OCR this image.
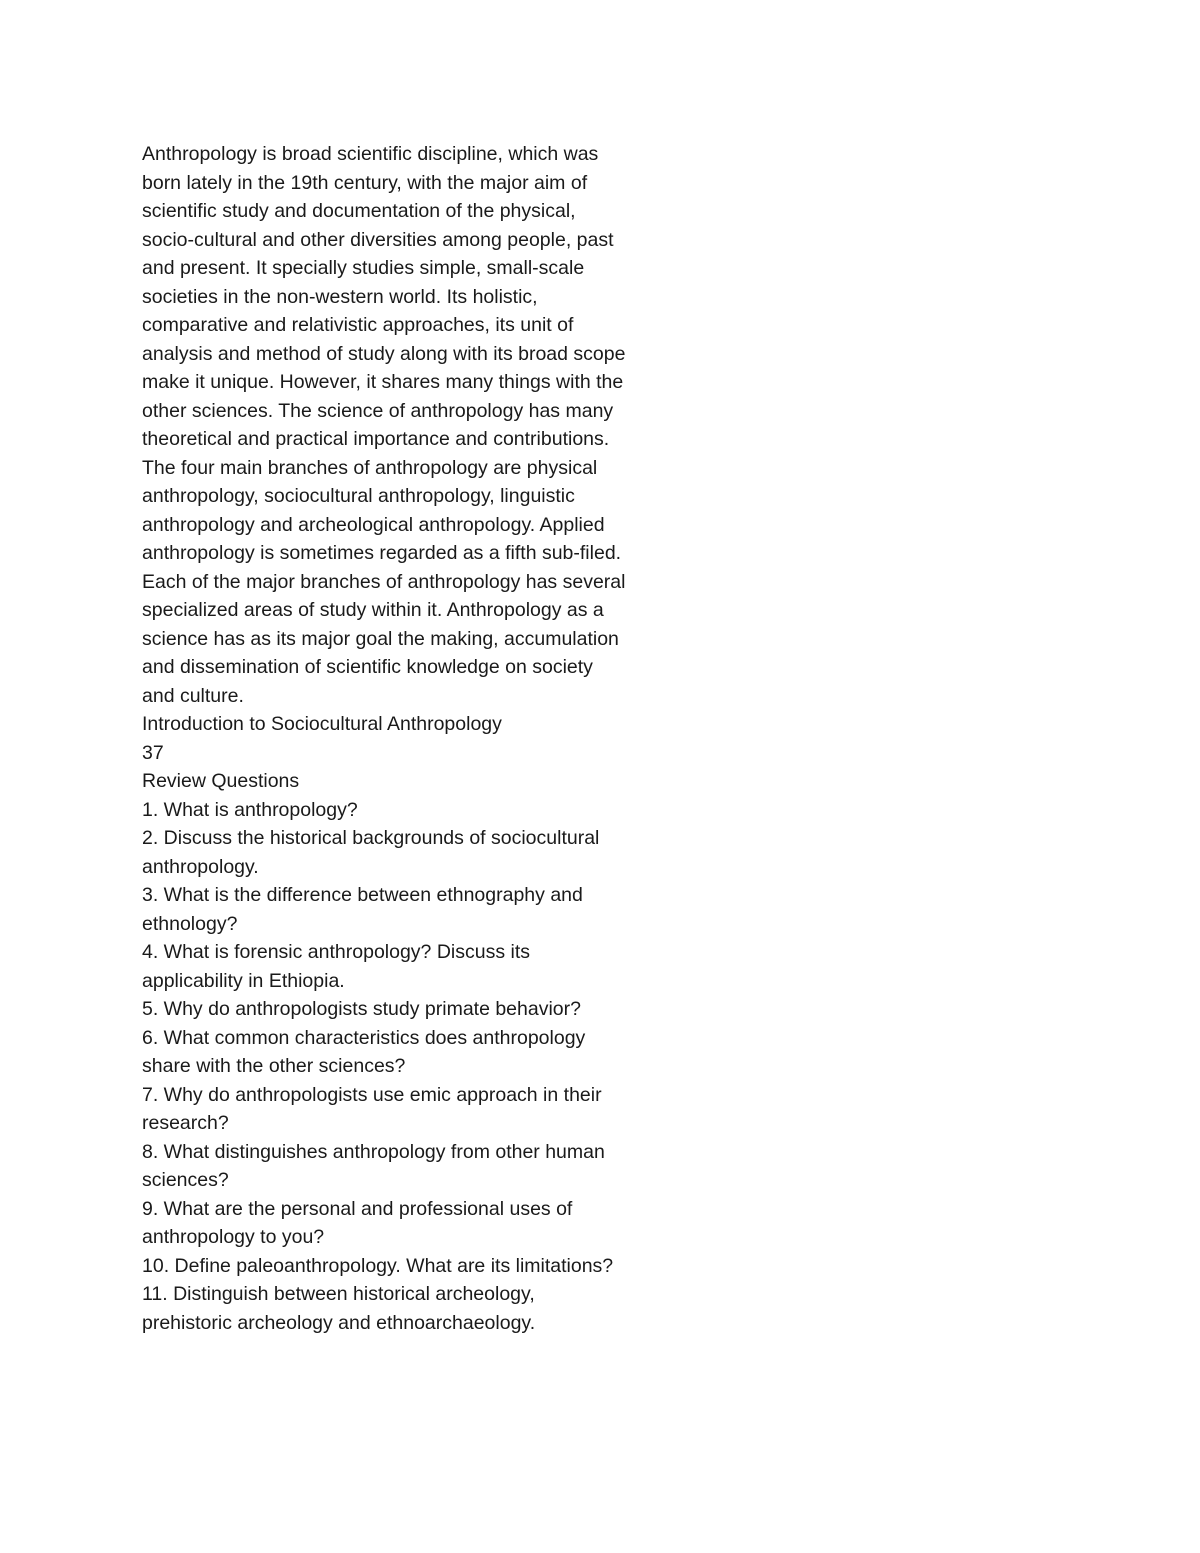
Anthropology is broad scientific discipline, which was
born lately in the 19th century, with the major aim of
scientific study and documentation of the physical,
socio-cultural and other diversities among people, past
and present. It specially studies simple, small-scale
societies in the non-western world. Its holistic,
comparative and relativistic approaches, its unit of
analysis and method of study along with its broad scope
make it unique. However, it shares many things with the
other sciences. The science of anthropology has many
theoretical and practical importance and contributions.
The four main branches of anthropology are physical
anthropology, sociocultural anthropology, linguistic
anthropology and archeological anthropology. Applied
anthropology is sometimes regarded as a fifth sub-filed.
Each of the major branches of anthropology has several
specialized areas of study within it. Anthropology as a
science has as its major goal the making, accumulation
and dissemination of scientific knowledge on society
and culture.
Introduction to Sociocultural Anthropology
37
Review Questions
1. What is anthropology?
2. Discuss the historical backgrounds of sociocultural
anthropology.
3. What is the difference between ethnography and
ethnology?
4. What is forensic anthropology? Discuss its
applicability in Ethiopia.
5. Why do anthropologists study primate behavior?
6. What common characteristics does anthropology
share with the other sciences?
7. Why do anthropologists use emic approach in their
research?
8. What distinguishes anthropology from other human
sciences?
9. What are the personal and professional uses of
anthropology to you?
10. Define paleoanthropology. What are its limitations?
11. Distinguish between historical archeology,
prehistoric archeology and ethnoarchaeology.
